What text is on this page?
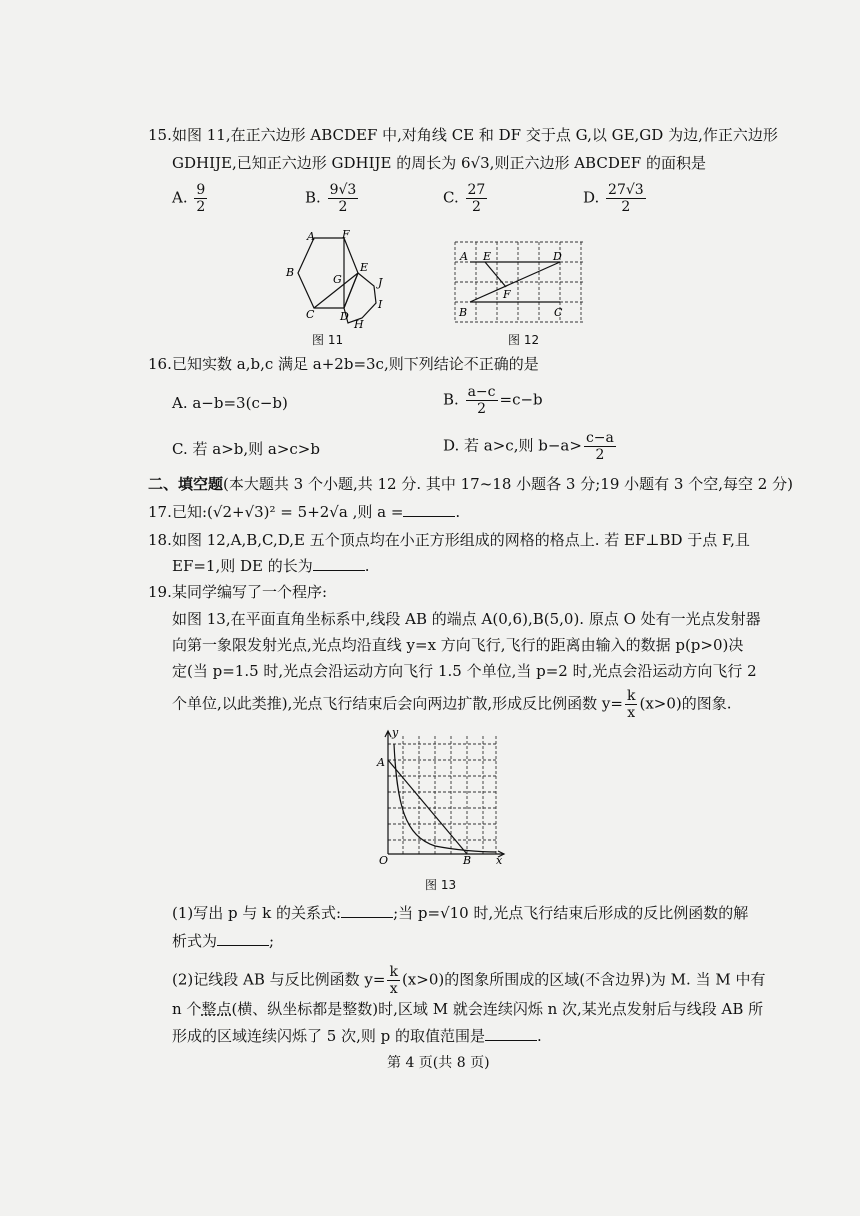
15. 如图 11,在正六边形 ABCDEF 中,对角线 CE 和 DF 交于点 G,以 GE,GD 为边,作正六边形
GDHIJE,已知正六边形 GDHIJE 的周长为 6√3,则正六边形 ABCDEF 的面积是
A. $\frac{9}{2}$	B. $\frac{9√3}{2}$	C. $\frac{27}{2}$	D. $\frac{27√3}{2}$
A F
B
G
E
J
I
C D
H
图 11
A E	D
F
B	C
图 12
16. 已知实数 a,b,c 满足 a+2b=3c,则下列结论不正确的是
A. a−b=3(c−b)	B. $\frac{a-c}{2} =c-b$
C. 若 a>b,则 a>c>b	D. 若 a>c,则 $b-a> \frac{c-a}{2}$
二、填空题(本大题共 3 个小题,共 12 分. 其中 17~18 小题各 3 分;19 小题有 3 个空,每空 2 分)
17. 已知:(√2+√3)² = 5+2√a ,则 a =	.
18. 如图 12,A,B,C,D,E 五个顶点均在小正方形组成的网格的格点上. 若 EF⊥BD 于点 F,且
EF=1,则 DE 的长为	.
19. 某同学编写了一个程序:
如图 13,在平面直角坐标系中,线段 AB 的端点 A(0,6),B(5,0). 原点 O 处有一光点发射器
向第一象限发射光点,光点均沿直线 y=x 方向飞行,飞行的距离由输入的数据 p(p>0)决
定(当 p=1.5 时,光点会沿运动方向飞行 1.5 个单位,当 p=2 时,光点会沿运动方向飞行 2
个单位,以此类推),光点飞行结束后会向两边扩散,形成反比例函数 $y= \frac{k}{x} (x>0)$的图象.
y
A
O	B x
图 13
(1)写出 p 与 k 的关系式:	;当 p=√10 时,光点飞行结束后形成的反比例函数的解
析式为	;
(2)记线段 AB 与反比例函数 $y= \frac{k}{x} (x>0)$的图象所围成的区域(不含边界)为 M. 当 M 中有
n 个整点(横、纵坐标都是整数)时,区域 M 就会连续闪烁 n 次,某光点发射后与线段 AB 所
形成的区域连续闪烁了 5 次,则 p 的取值范围是	.
第 4 页(共 8 页)
